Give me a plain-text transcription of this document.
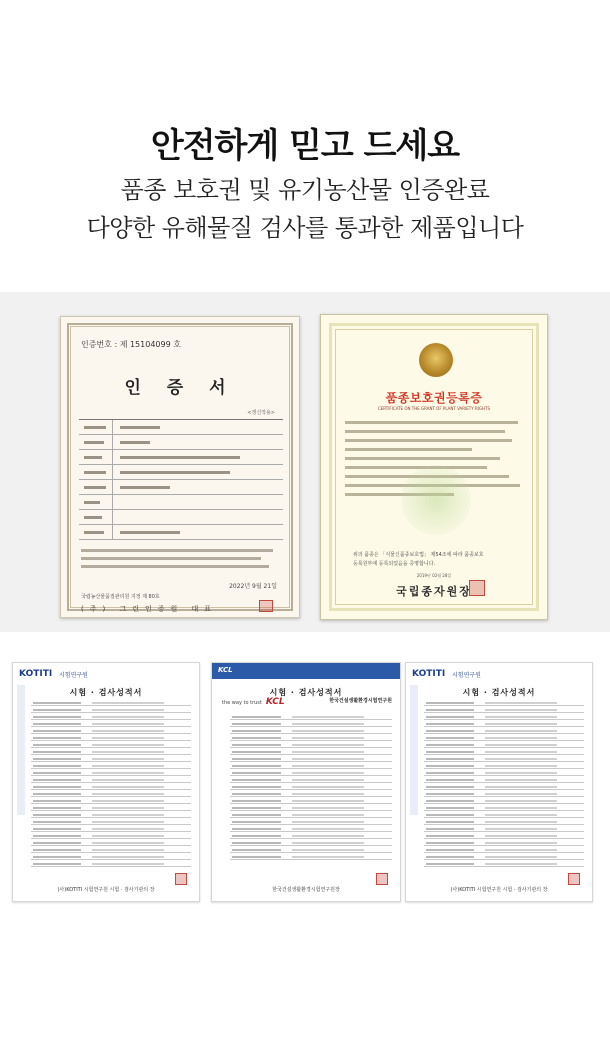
안전하게 믿고 드세요
품종 보호권 및 유기농산물 인증완료
다양한 유해물질 검사를 통과한 제품입니다
인증번호 : 제 15104099 호
인 증 서
<갱신작용>
2022년 9월 21일
국립농산물품질관리원 지정 제 80호
(주) 그린인증원 대표
품종보호권등록증
CERTIFICATE ON THE GRANT OF PLANT VARIETY RIGHTS
위의 품종은 「식물신품종보호법」 제54조에 따라 품종보호
등록원부에 등록되었음을 증명합니다.
2019년 02월 28일
국립종자원장
KOTITI 시험연구원
시험 · 검사성적서
(사)KOTITI 시험연구원 시험 · 검사기관의 장
KCL
시험 · 검사성적서
the way to trust KCL	한국건설생활환경시험연구원
한국건설생활환경시험연구원장
KOTITI 시험연구원
시험 · 검사성적서
(사)KOTITI 시험연구원 시험 · 검사기관의 장
